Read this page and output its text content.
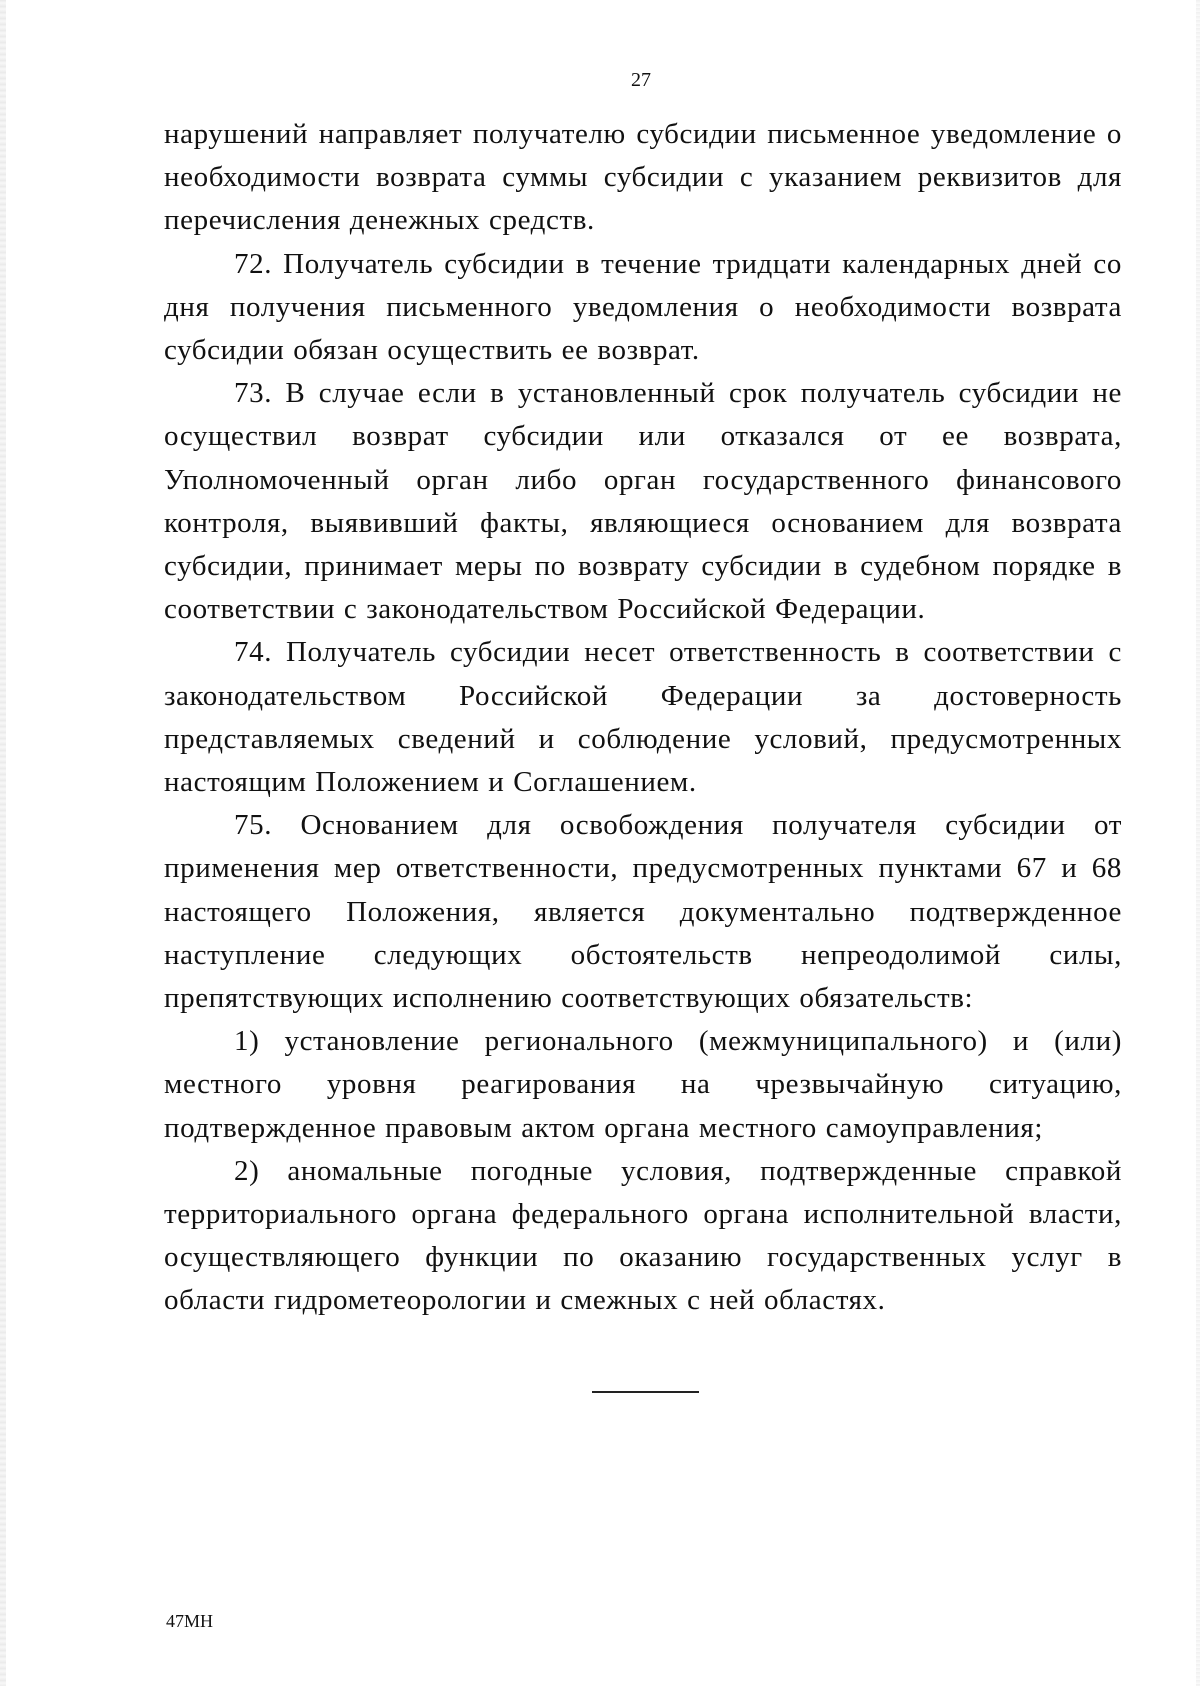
27

нарушений направляет получателю субсидии письменное уведомление о необходимости возврата суммы субсидии с указанием реквизитов для перечисления денежных средств.

72. Получатель субсидии в течение тридцати календарных дней со дня получения письменного уведомления о необходимости возврата субсидии обязан осуществить ее возврат.

73. В случае если в установленный срок получатель субсидии не осуществил возврат субсидии или отказался от ее возврата, Уполномоченный орган либо орган государственного финансового контроля, выявивший факты, являющиеся основанием для возврата субсидии, принимает меры по возврату субсидии в судебном порядке в соответствии с законодательством Российской Федерации.

74. Получатель субсидии несет ответственность в соответствии с законодательством Российской Федерации за достоверность представляемых сведений и соблюдение условий, предусмотренных настоящим Положением и Соглашением.

75. Основанием для освобождения получателя субсидии от применения мер ответственности, предусмотренных пунктами 67 и 68 настоящего Положения, является документально подтвержденное наступление следующих обстоятельств непреодолимой силы, препятствующих исполнению соответствующих обязательств:

1) установление регионального (межмуниципального) и (или) местного уровня реагирования на чрезвычайную ситуацию, подтвержденное правовым актом органа местного самоуправления;

2) аномальные погодные условия, подтвержденные справкой территориального органа федерального органа исполнительной власти, осуществляющего функции по оказанию государственных услуг в области гидрометеорологии и смежных с ней областях.

47MH
